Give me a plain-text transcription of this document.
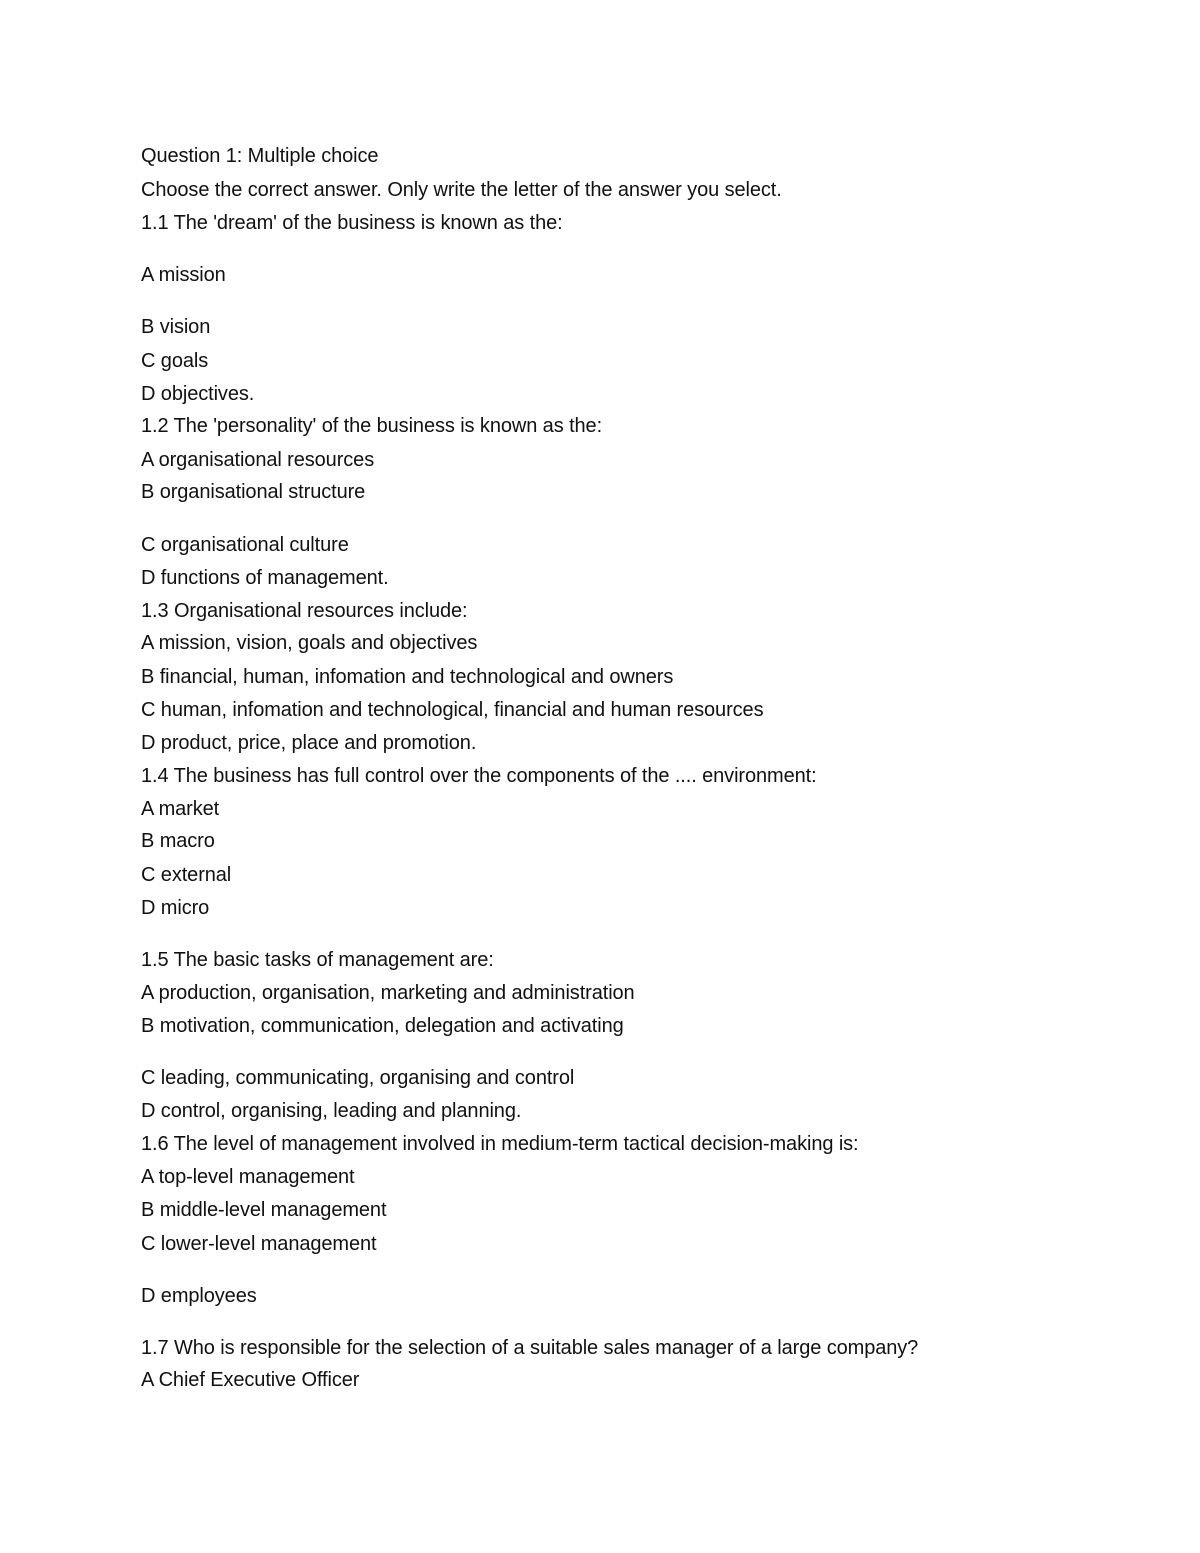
Question 1: Multiple choice
Choose the correct answer. Only write the letter of the answer you select.
1.1 The 'dream' of the business is known as the:
A mission
B vision
C goals
D objectives.
1.2 The 'personality' of the business is known as the:
A organisational resources
B organisational structure
C organisational culture
D functions of management.
1.3 Organisational resources include:
A mission, vision, goals and objectives
B financial, human, infomation and technological and owners
C human, infomation and technological, financial and human resources
D product, price, place and promotion.
1.4 The business has full control over the components of the .... environment:
A market
B macro
C external
D micro
1.5 The basic tasks of management are:
A production, organisation, marketing and administration
B motivation, communication, delegation and activating
C leading, communicating, organising and control
D control, organising, leading and planning.
1.6 The level of management involved in medium-term tactical decision-making is:
A top-level management
B middle-level management
C lower-level management
D employees
1.7 Who is responsible for the selection of a suitable sales manager of a large company?
A Chief Executive Officer
